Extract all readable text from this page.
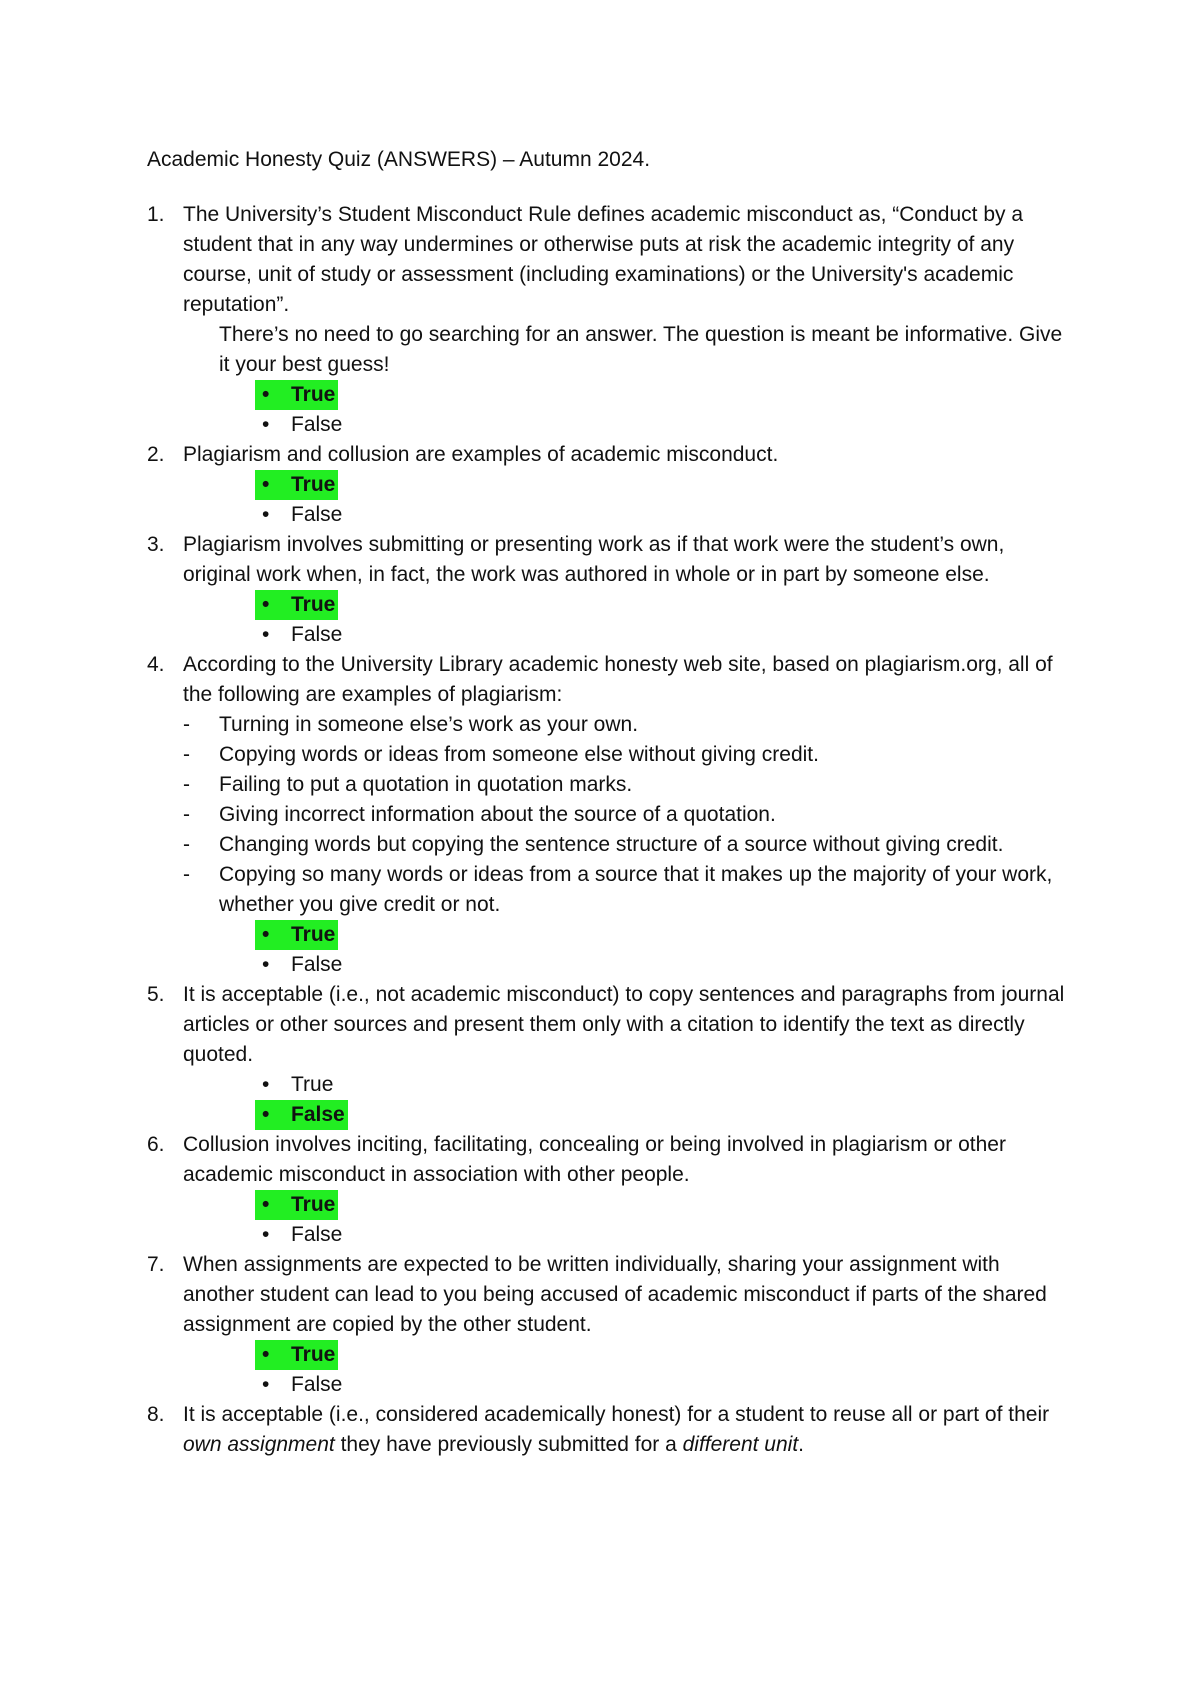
Academic Honesty Quiz (ANSWERS) – Autumn 2024.

1. The University’s Student Misconduct Rule defines academic misconduct as, “Conduct by a student that in any way undermines or otherwise puts at risk the academic integrity of any course, unit of study or assessment (including examinations) or the University's academic reputation”.
There’s no need to go searching for an answer. The question is meant be informative. Give it your best guess!
• True
• False
2. Plagiarism and collusion are examples of academic misconduct.
• True
• False
3. Plagiarism involves submitting or presenting work as if that work were the student’s own, original work when, in fact, the work was authored in whole or in part by someone else.
• True
• False
4. According to the University Library academic honesty web site, based on plagiarism.org, all of the following are examples of plagiarism:
- Turning in someone else’s work as your own.
- Copying words or ideas from someone else without giving credit.
- Failing to put a quotation in quotation marks.
- Giving incorrect information about the source of a quotation.
- Changing words but copying the sentence structure of a source without giving credit.
- Copying so many words or ideas from a source that it makes up the majority of your work, whether you give credit or not.
• True
• False
5. It is acceptable (i.e., not academic misconduct) to copy sentences and paragraphs from journal articles or other sources and present them only with a citation to identify the text as directly quoted.
• True
• False
6. Collusion involves inciting, facilitating, concealing or being involved in plagiarism or other academic misconduct in association with other people.
• True
• False
7. When assignments are expected to be written individually, sharing your assignment with another student can lead to you being accused of academic misconduct if parts of the shared assignment are copied by the other student.
• True
• False
8. It is acceptable (i.e., considered academically honest) for a student to reuse all or part of their own assignment they have previously submitted for a different unit.
